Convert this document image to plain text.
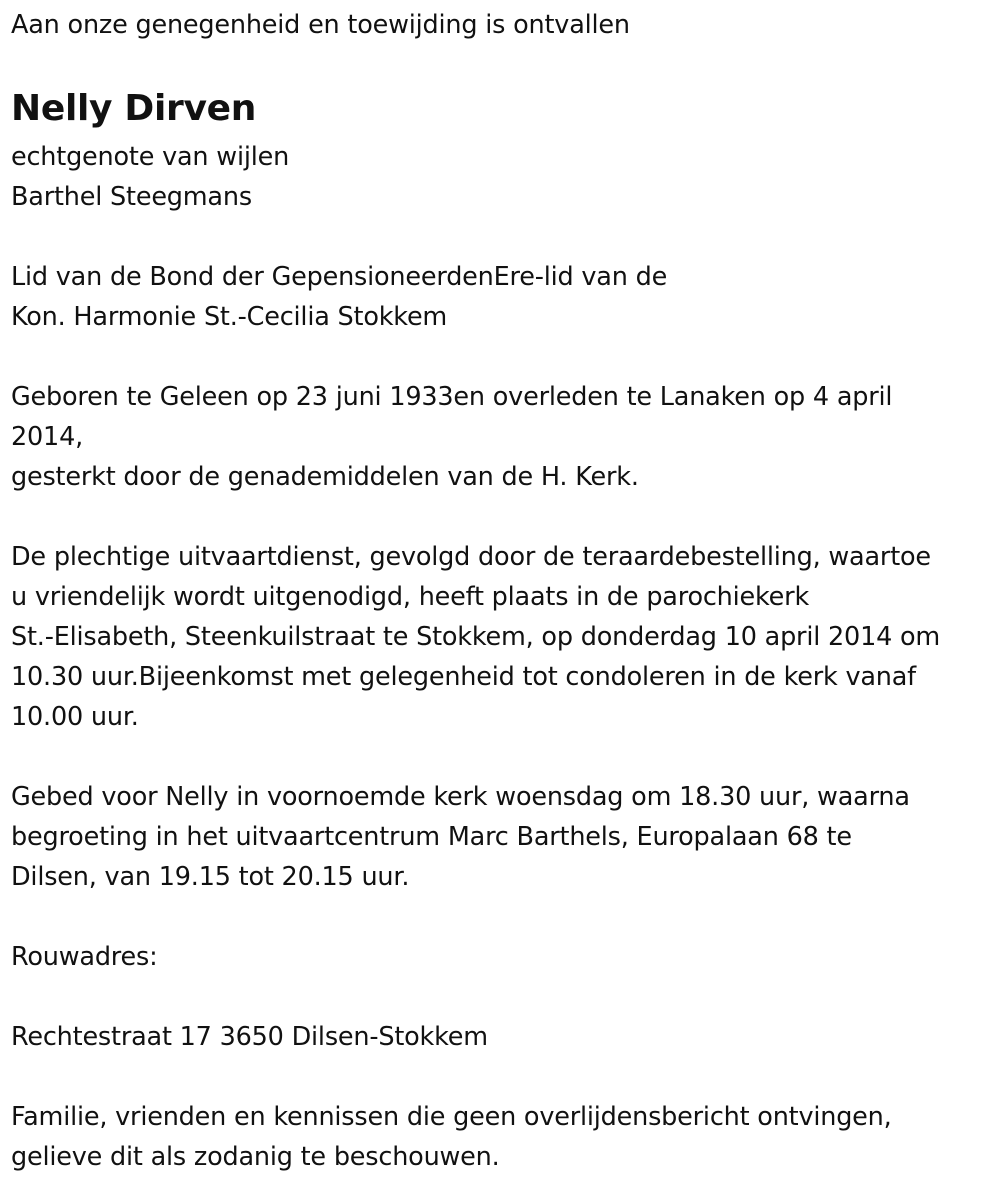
Aan onze genegenheid en toewijding is ontvallen
Nelly Dirven
echtgenote van wijlen
Barthel Steegmans
Lid van de Bond der GepensioneerdenEre-lid van de
Kon. Harmonie St.-Cecilia Stokkem
Geboren te Geleen op 23 juni 1933en overleden te Lanaken op 4 april
2014,
gesterkt door de genademiddelen van de H. Kerk.
De plechtige uitvaartdienst, gevolgd door de teraardebestelling, waartoe
u vriendelijk wordt uitgenodigd, heeft plaats in de parochiekerk
St.-Elisabeth, Steenkuilstraat te Stokkem, op donderdag 10 april 2014 om
10.30 uur.Bijeenkomst met gelegenheid tot condoleren in de kerk vanaf
10.00 uur.
Gebed voor Nelly in voornoemde kerk woensdag om 18.30 uur, waarna
begroeting in het uitvaartcentrum Marc Barthels, Europalaan 68 te
Dilsen, van 19.15 tot 20.15 uur.
Rouwadres:
Rechtestraat 17 3650 Dilsen-Stokkem
Familie, vrienden en kennissen die geen overlijdensbericht ontvingen,
gelieve dit als zodanig te beschouwen.
